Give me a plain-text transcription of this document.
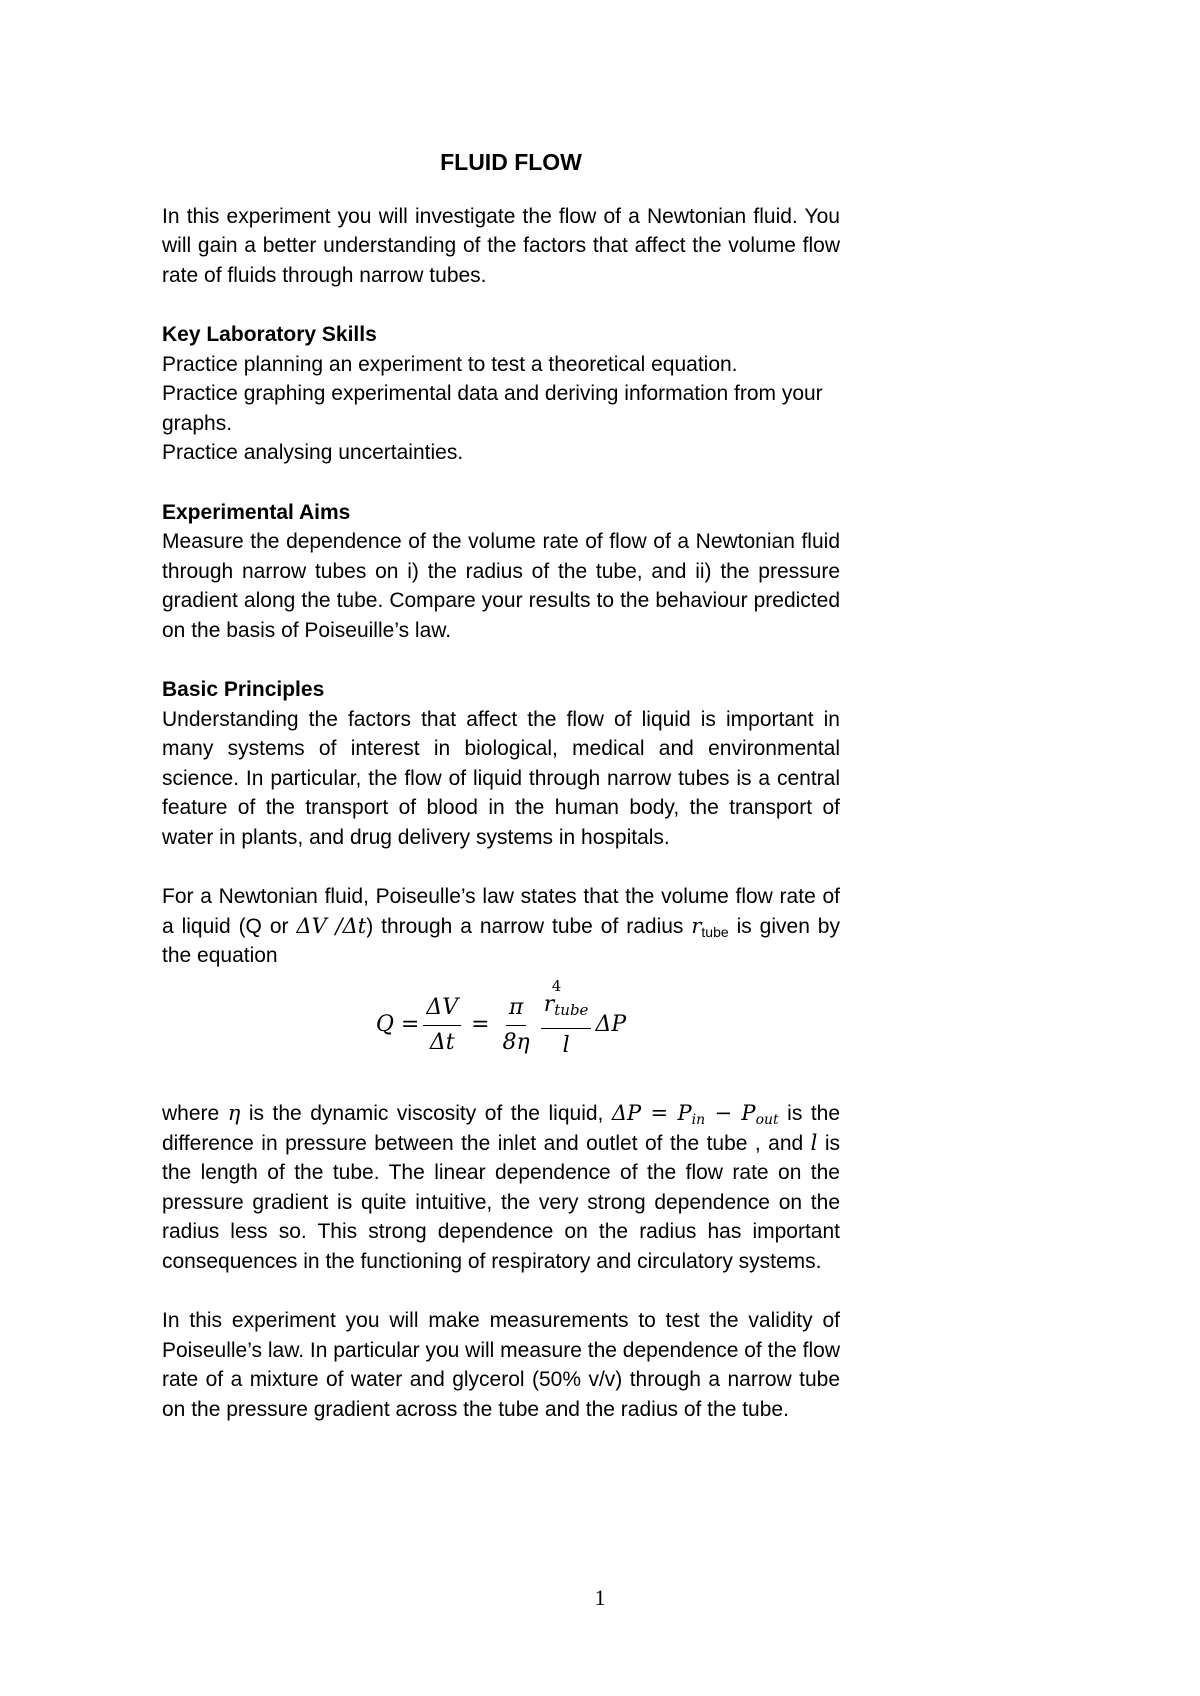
FLUID FLOW

In this experiment you will investigate the flow of a Newtonian fluid. You will gain a better understanding of the factors that affect the volume flow rate of fluids through narrow tubes.

Key Laboratory Skills

Practice planning an experiment to test a theoretical equation.

Practice graphing experimental data and deriving information from your graphs.

Practice analysing uncertainties.

Experimental Aims

Measure the dependence of the volume rate of flow of a Newtonian fluid through narrow tubes on i) the radius of the tube, and ii) the pressure gradient along the tube. Compare your results to the behaviour predicted on the basis of Poiseuille’s law.

Basic Principles

Understanding the factors that affect the flow of liquid is important in many systems of interest in biological, medical and environmental science. In particular, the flow of liquid through narrow tubes is a central feature of the transport of blood in the human body, the transport of water in plants, and drug delivery systems in hospitals.

For a Newtonian fluid, Poiseulle’s law states that the volume flow rate of a liquid (Q or ΔV /Δt) through a narrow tube of radius $r_{tube}$ is given by the equation

$Q = \frac{\Delta V}{\Delta t} = \frac{\pi}{8\eta}$ r
4
tube
l ΔP

where η is the dynamic viscosity of the liquid, $\Delta P = P_{in} - P_{out}$ is the difference in pressure between the inlet and outlet of the tube , and l is the length of the tube. The linear dependence of the flow rate on the pressure gradient is quite intuitive, the very strong dependence on the radius less so. This strong dependence on the radius has important consequences in the functioning of respiratory and circulatory systems.

In this experiment you will make measurements to test the validity of Poiseulle’s law. In particular you will measure the dependence of the flow rate of a mixture of water and glycerol (50% v/v) through a narrow tube on the pressure gradient across the tube and the radius of the tube.

1
